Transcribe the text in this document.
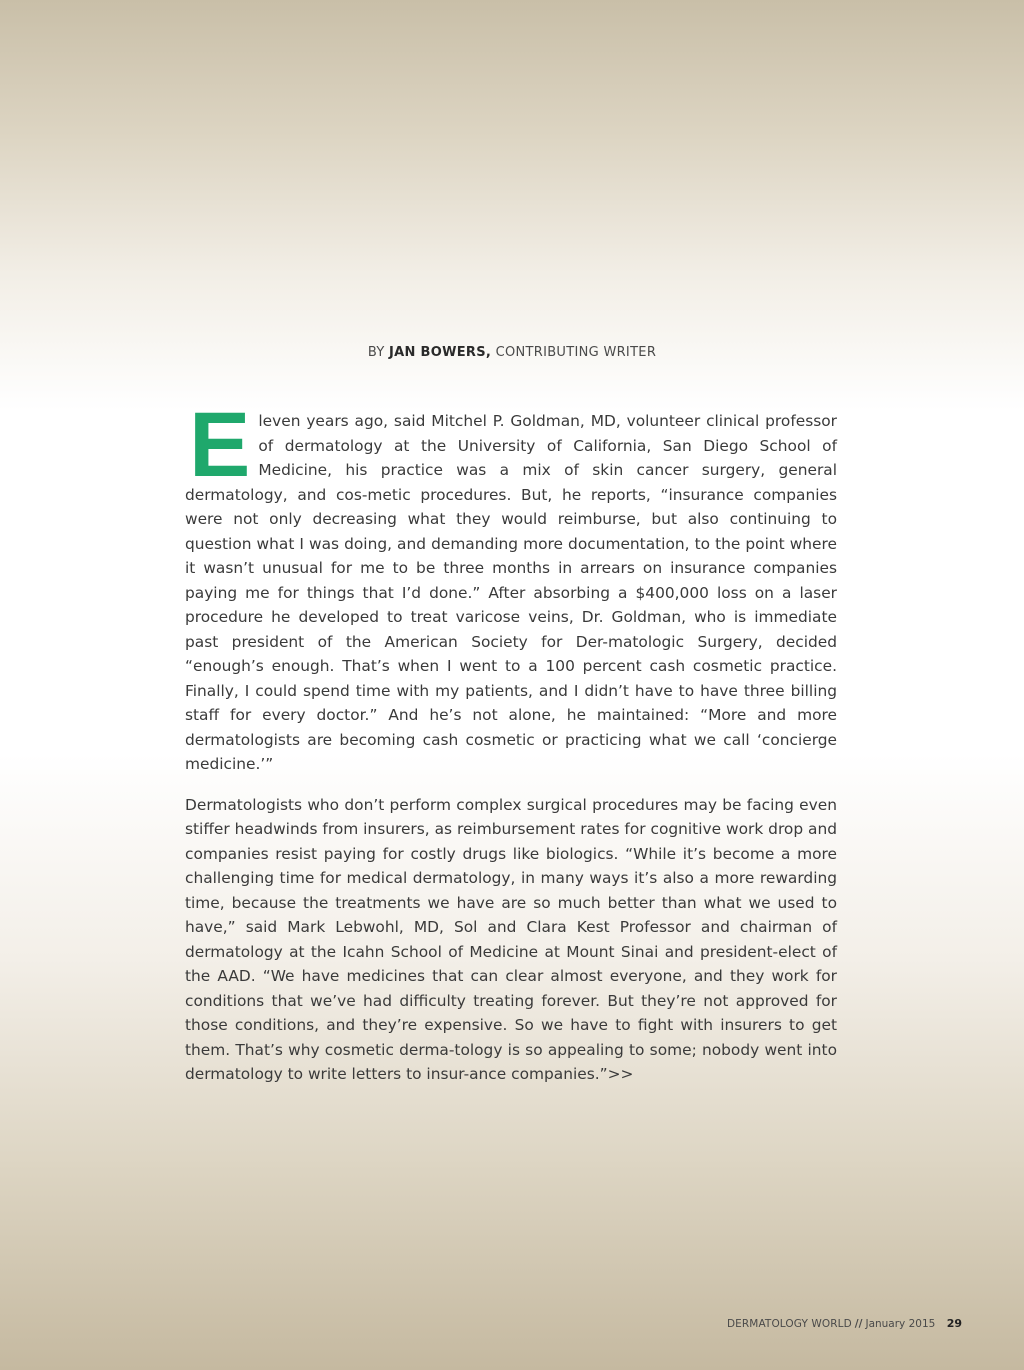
BY JAN BOWERS, CONTRIBUTING WRITER

E leven years ago, said Mitchel P. Goldman, MD, volunteer clinical professor of dermatology at the University of California, San Diego School of Medicine, his practice was a mix of skin cancer surgery, general dermatology, and cos-metic procedures. But, he reports, “insurance companies were not only decreasing what they would reimburse, but also continuing to question what I was doing, and demanding more documentation, to the point where it wasn’t unusual for me to be three months in arrears on insurance companies paying me for things that I’d done.” After absorbing a $400,000 loss on a laser procedure he developed to treat varicose veins, Dr. Goldman, who is immediate past president of the American Society for Der-matologic Surgery, decided “enough’s enough. That’s when I went to a 100 percent cash cosmetic practice. Finally, I could spend time with my patients, and I didn’t have to have three billing staff for every doctor.” And he’s not alone, he maintained: “More and more dermatologists are becoming cash cosmetic or practicing what we call ‘concierge medicine.’”

Dermatologists who don’t perform complex surgical procedures may be facing even stiffer headwinds from insurers, as reimbursement rates for cognitive work drop and companies resist paying for costly drugs like biologics. “While it’s become a more challenging time for medical dermatology, in many ways it’s also a more rewarding time, because the treatments we have are so much better than what we used to have,” said Mark Lebwohl, MD, Sol and Clara Kest Professor and chairman of dermatology at the Icahn School of Medicine at Mount Sinai and president-elect of the AAD. “We have medicines that can clear almost everyone, and they work for conditions that we’ve had difficulty treating forever. But they’re not approved for those conditions, and they’re expensive. So we have to fight with insurers to get them. That’s why cosmetic derma-tology is so appealing to some; nobody went into dermatology to write letters to insur-ance companies.”>>

DERMATOLOGY WORLD // January 2015 29
